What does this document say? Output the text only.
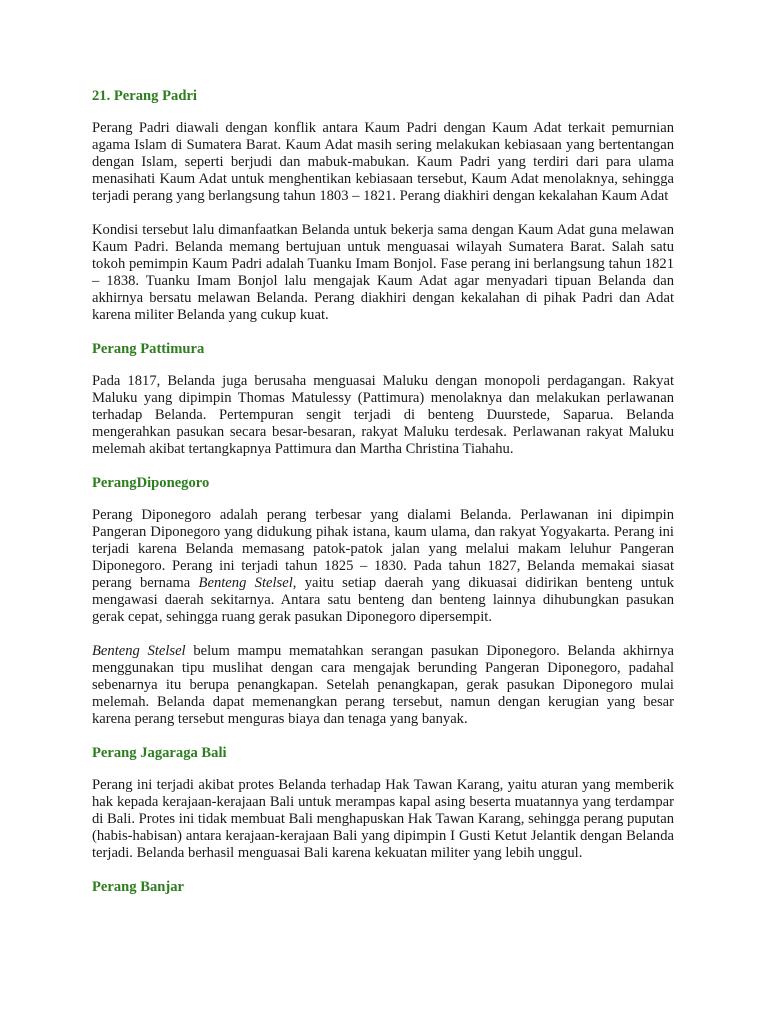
21. Perang Padri

Perang Padri diawali dengan konflik antara Kaum Padri dengan Kaum Adat terkait pemurnian agama Islam di Sumatera Barat. Kaum Adat masih sering melakukan kebiasaan yang bertentangan dengan Islam, seperti berjudi dan mabuk-mabukan. Kaum Padri yang terdiri dari para ulama menasihati Kaum Adat untuk menghentikan kebiasaan tersebut, Kaum Adat menolaknya, sehingga terjadi perang yang berlangsung tahun 1803 – 1821. Perang diakhiri dengan kekalahan Kaum Adat

Kondisi tersebut lalu dimanfaatkan Belanda untuk bekerja sama dengan Kaum Adat guna melawan Kaum Padri. Belanda memang bertujuan untuk menguasai wilayah Sumatera Barat. Salah satu tokoh pemimpin Kaum Padri adalah Tuanku Imam Bonjol. Fase perang ini berlangsung tahun 1821 – 1838. Tuanku Imam Bonjol lalu mengajak Kaum Adat agar menyadari tipuan Belanda dan akhirnya bersatu melawan Belanda. Perang diakhiri dengan kekalahan di pihak Padri dan Adat karena militer Belanda yang cukup kuat.

Perang Pattimura

Pada 1817, Belanda juga berusaha menguasai Maluku dengan monopoli perdagangan. Rakyat Maluku yang dipimpin Thomas Matulessy (Pattimura) menolaknya dan melakukan perlawanan terhadap Belanda. Pertempuran sengit terjadi di benteng Duurstede, Saparua. Belanda mengerahkan pasukan secara besar-besaran, rakyat Maluku terdesak. Perlawanan rakyat Maluku melemah akibat tertangkapnya Pattimura dan Martha Christina Tiahahu.

PerangDiponegoro

Perang Diponegoro adalah perang terbesar yang dialami Belanda. Perlawanan ini dipimpin Pangeran Diponegoro yang didukung pihak istana, kaum ulama, dan rakyat Yogyakarta. Perang ini terjadi karena Belanda memasang patok-patok jalan yang melalui makam leluhur Pangeran Diponegoro. Perang ini terjadi tahun 1825 – 1830. Pada tahun 1827, Belanda memakai siasat perang bernama Benteng Stelsel, yaitu setiap daerah yang dikuasai didirikan benteng untuk mengawasi daerah sekitarnya. Antara satu benteng dan benteng lainnya dihubungkan pasukan gerak cepat, sehingga ruang gerak pasukan Diponegoro dipersempit.

Benteng Stelsel belum mampu mematahkan serangan pasukan Diponegoro. Belanda akhirnya menggunakan tipu muslihat dengan cara mengajak berunding Pangeran Diponegoro, padahal sebenarnya itu berupa penangkapan. Setelah penangkapan, gerak pasukan Diponegoro mulai melemah. Belanda dapat memenangkan perang tersebut, namun dengan kerugian yang besar karena perang tersebut menguras biaya dan tenaga yang banyak.

Perang Jagaraga Bali

Perang ini terjadi akibat protes Belanda terhadap Hak Tawan Karang, yaitu aturan yang memberik hak kepada kerajaan-kerajaan Bali untuk merampas kapal asing beserta muatannya yang terdampar di Bali. Protes ini tidak membuat Bali menghapuskan Hak Tawan Karang, sehingga perang puputan (habis-habisan) antara kerajaan-kerajaan Bali yang dipimpin I Gusti Ketut Jelantik dengan Belanda terjadi. Belanda berhasil menguasai Bali karena kekuatan militer yang lebih unggul.

Perang Banjar
